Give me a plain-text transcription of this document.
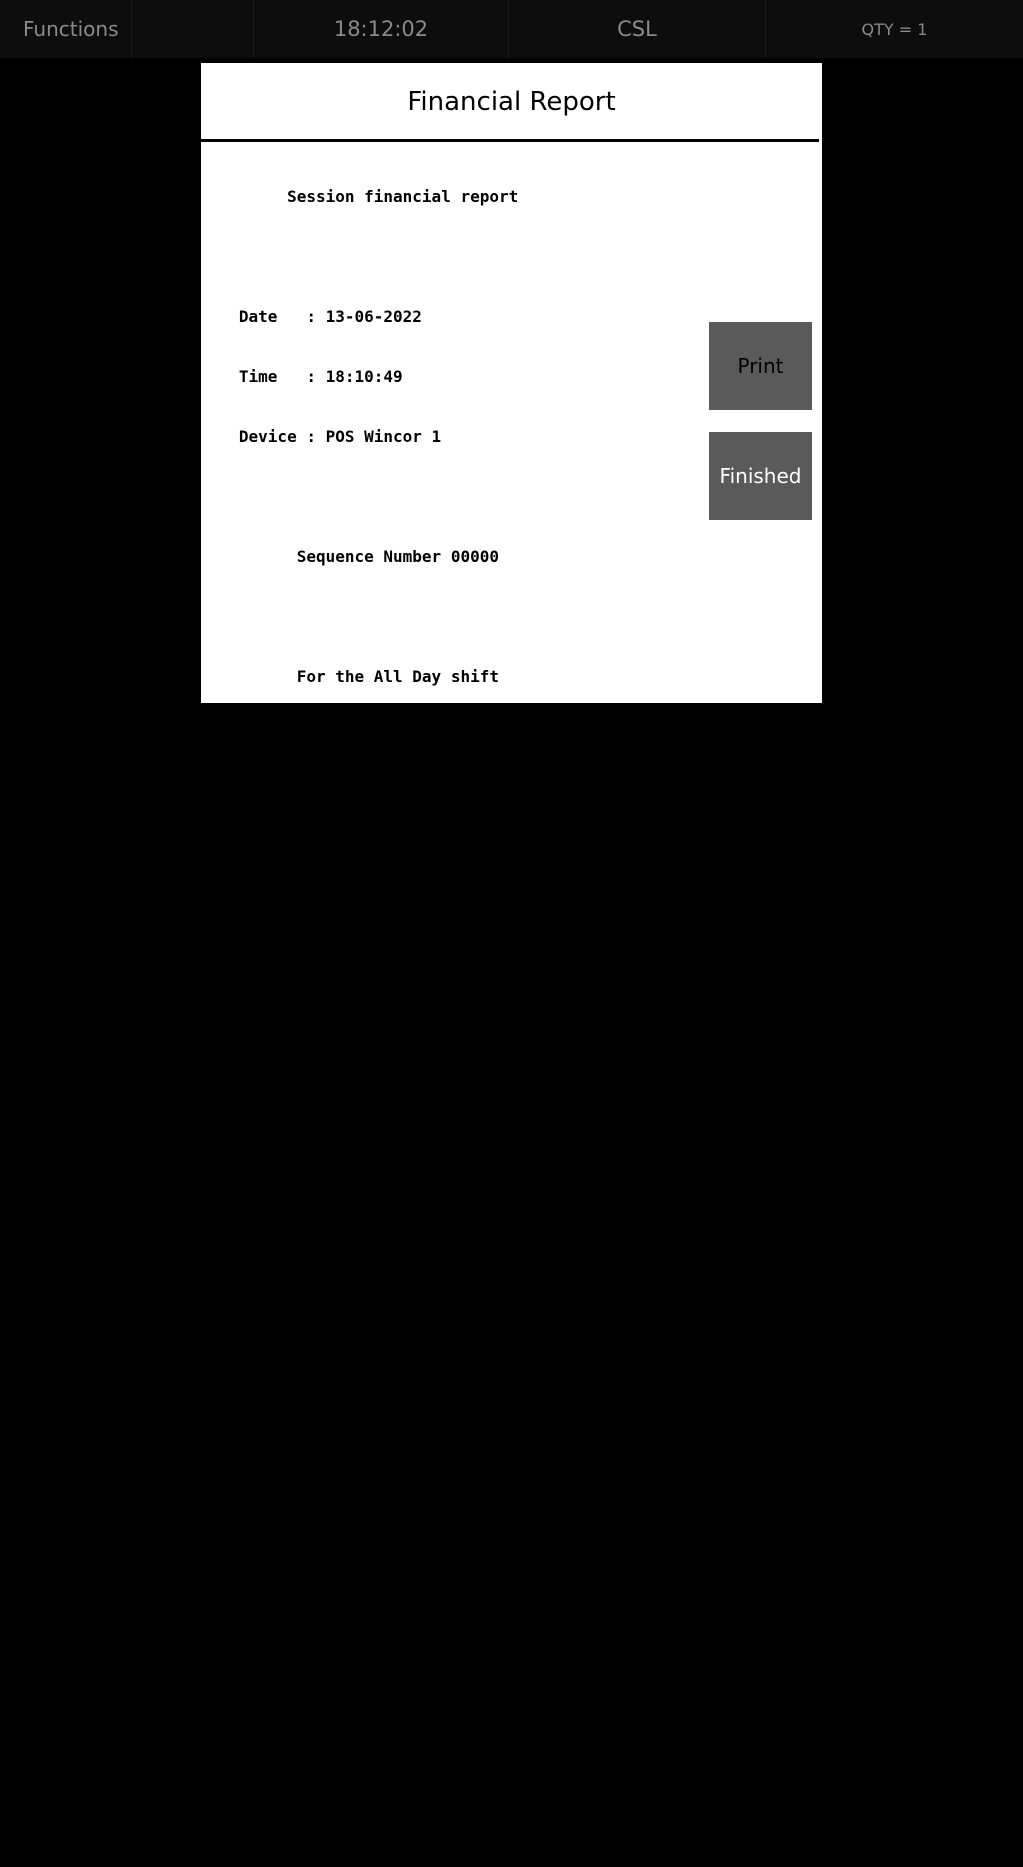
Functions	18:12:02	CSL	QTY = 1
Financial Report

Session financial report

Date   : 13-06-2022

Time   : 18:10:49

Device : POS Wincor 1

Sequence Number 00000

For the All Day shift

========================================

Shift started at 30-03-2022 10:59

Funds

Cash                483        £13034.18

Cashless             19           £79.25

EFT                 844          £119.62

========================================

Total Funds                    £13233.05

========================================

Source of Funds

Refund              399         £-492.36

Refund Wasted        19          £-64.46

Sale                898         £2164.78

========================================

Total Funds                     £1607.96

========================================

Declaration

Print
Finished
